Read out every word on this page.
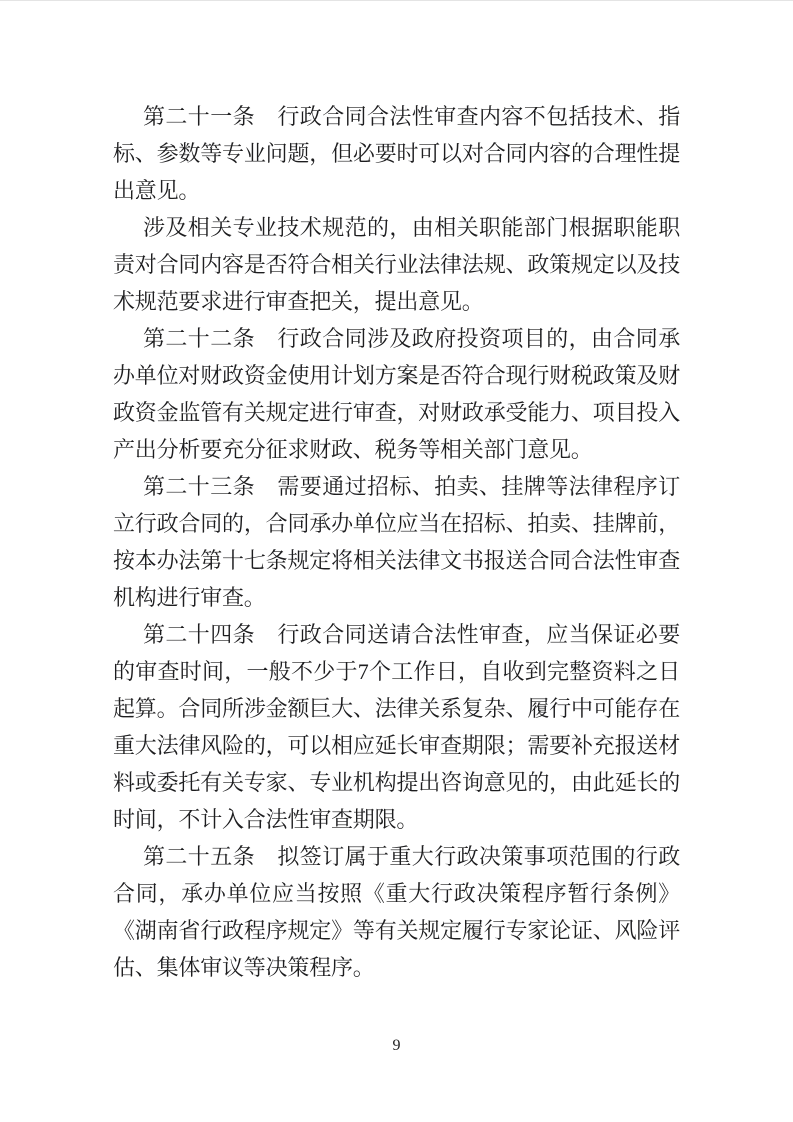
第二十一条　行政合同合法性审查内容不包括技术、指标、参数等专业问题，但必要时可以对合同内容的合理性提出意见。

涉及相关专业技术规范的，由相关职能部门根据职能职责对合同内容是否符合相关行业法律法规、政策规定以及技术规范要求进行审查把关，提出意见。

第二十二条　行政合同涉及政府投资项目的，由合同承办单位对财政资金使用计划方案是否符合现行财税政策及财政资金监管有关规定进行审查，对财政承受能力、项目投入产出分析要充分征求财政、税务等相关部门意见。

第二十三条　需要通过招标、拍卖、挂牌等法律程序订立行政合同的，合同承办单位应当在招标、拍卖、挂牌前，按本办法第十七条规定将相关法律文书报送合同合法性审查机构进行审查。

第二十四条　行政合同送请合法性审查，应当保证必要的审查时间，一般不少于7个工作日，自收到完整资料之日起算。合同所涉金额巨大、法律关系复杂、履行中可能存在重大法律风险的，可以相应延长审查期限；需要补充报送材料或委托有关专家、专业机构提出咨询意见的，由此延长的时间，不计入合法性审查期限。

第二十五条　拟签订属于重大行政决策事项范围的行政合同，承办单位应当按照《重大行政决策程序暂行条例》《湖南省行政程序规定》等有关规定履行专家论证、风险评估、集体审议等决策程序。

9
